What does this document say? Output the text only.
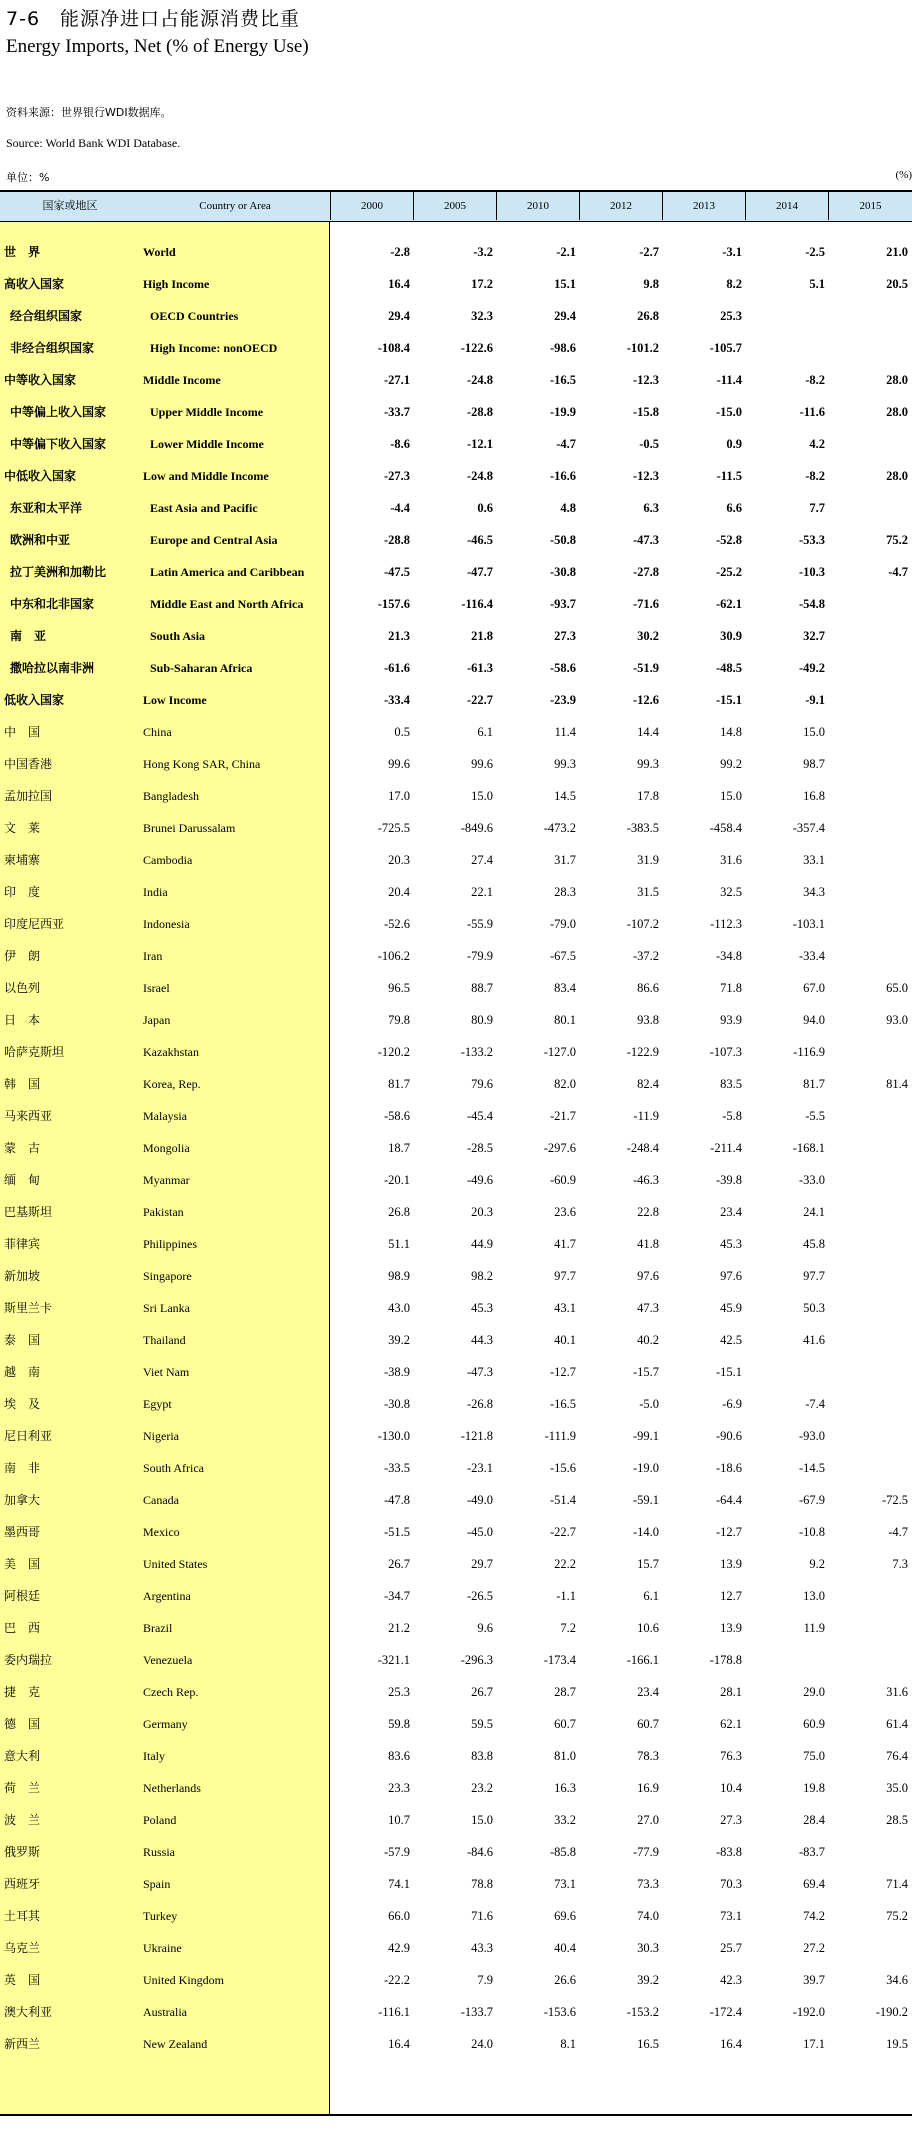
7-6　能源净进口占能源消费比重
Energy Imports, Net (% of Energy Use)
资料来源：世界银行WDI数据库。
Source: World Bank WDI Database.
单位：%	(%)
国家或地区	Country or Area	2000	2005	2010	2012	2013	2014	2015
世　界	World	-2.8	-3.2	-2.1	-2.7	-3.1	-2.5	21.0
高收入国家	High Income	16.4	17.2	15.1	9.8	8.2	5.1	20.5
经合组织国家	OECD Countries	29.4	32.3	29.4	26.8	25.3
非经合组织国家	High Income: nonOECD	-108.4	-122.6	-98.6	-101.2	-105.7
中等收入国家	Middle Income	-27.1	-24.8	-16.5	-12.3	-11.4	-8.2	28.0
中等偏上收入国家	Upper Middle Income	-33.7	-28.8	-19.9	-15.8	-15.0	-11.6	28.0
中等偏下收入国家	Lower Middle Income	-8.6	-12.1	-4.7	-0.5	0.9	4.2
中低收入国家	Low and Middle Income	-27.3	-24.8	-16.6	-12.3	-11.5	-8.2	28.0
东亚和太平洋	East Asia and Pacific	-4.4	0.6	4.8	6.3	6.6	7.7
欧洲和中亚	Europe and Central Asia	-28.8	-46.5	-50.8	-47.3	-52.8	-53.3	75.2
拉丁美洲和加勒比	Latin America and Caribbean	-47.5	-47.7	-30.8	-27.8	-25.2	-10.3	-4.7
中东和北非国家	Middle East and North Africa	-157.6	-116.4	-93.7	-71.6	-62.1	-54.8
南　亚	South Asia	21.3	21.8	27.3	30.2	30.9	32.7
撒哈拉以南非洲	Sub-Saharan Africa	-61.6	-61.3	-58.6	-51.9	-48.5	-49.2
低收入国家	Low Income	-33.4	-22.7	-23.9	-12.6	-15.1	-9.1
中　国	China	0.5	6.1	11.4	14.4	14.8	15.0
中国香港	Hong Kong SAR, China	99.6	99.6	99.3	99.3	99.2	98.7
孟加拉国	Bangladesh	17.0	15.0	14.5	17.8	15.0	16.8
文　莱	Brunei Darussalam	-725.5	-849.6	-473.2	-383.5	-458.4	-357.4
柬埔寨	Cambodia	20.3	27.4	31.7	31.9	31.6	33.1
印　度	India	20.4	22.1	28.3	31.5	32.5	34.3
印度尼西亚	Indonesia	-52.6	-55.9	-79.0	-107.2	-112.3	-103.1
伊　朗	Iran	-106.2	-79.9	-67.5	-37.2	-34.8	-33.4
以色列	Israel	96.5	88.7	83.4	86.6	71.8	67.0	65.0
日　本	Japan	79.8	80.9	80.1	93.8	93.9	94.0	93.0
哈萨克斯坦	Kazakhstan	-120.2	-133.2	-127.0	-122.9	-107.3	-116.9
韩　国	Korea, Rep.	81.7	79.6	82.0	82.4	83.5	81.7	81.4
马来西亚	Malaysia	-58.6	-45.4	-21.7	-11.9	-5.8	-5.5
蒙　古	Mongolia	18.7	-28.5	-297.6	-248.4	-211.4	-168.1
缅　甸	Myanmar	-20.1	-49.6	-60.9	-46.3	-39.8	-33.0
巴基斯坦	Pakistan	26.8	20.3	23.6	22.8	23.4	24.1
菲律宾	Philippines	51.1	44.9	41.7	41.8	45.3	45.8
新加坡	Singapore	98.9	98.2	97.7	97.6	97.6	97.7
斯里兰卡	Sri Lanka	43.0	45.3	43.1	47.3	45.9	50.3
泰　国	Thailand	39.2	44.3	40.1	40.2	42.5	41.6
越　南	Viet Nam	-38.9	-47.3	-12.7	-15.7	-15.1
埃　及	Egypt	-30.8	-26.8	-16.5	-5.0	-6.9	-7.4
尼日利亚	Nigeria	-130.0	-121.8	-111.9	-99.1	-90.6	-93.0
南　非	South Africa	-33.5	-23.1	-15.6	-19.0	-18.6	-14.5
加拿大	Canada	-47.8	-49.0	-51.4	-59.1	-64.4	-67.9	-72.5
墨西哥	Mexico	-51.5	-45.0	-22.7	-14.0	-12.7	-10.8	-4.7
美　国	United States	26.7	29.7	22.2	15.7	13.9	9.2	7.3
阿根廷	Argentina	-34.7	-26.5	-1.1	6.1	12.7	13.0
巴　西	Brazil	21.2	9.6	7.2	10.6	13.9	11.9
委内瑞拉	Venezuela	-321.1	-296.3	-173.4	-166.1	-178.8
捷　克	Czech Rep.	25.3	26.7	28.7	23.4	28.1	29.0	31.6
德　国	Germany	59.8	59.5	60.7	60.7	62.1	60.9	61.4
意大利	Italy	83.6	83.8	81.0	78.3	76.3	75.0	76.4
荷　兰	Netherlands	23.3	23.2	16.3	16.9	10.4	19.8	35.0
波　兰	Poland	10.7	15.0	33.2	27.0	27.3	28.4	28.5
俄罗斯	Russia	-57.9	-84.6	-85.8	-77.9	-83.8	-83.7
西班牙	Spain	74.1	78.8	73.1	73.3	70.3	69.4	71.4
土耳其	Turkey	66.0	71.6	69.6	74.0	73.1	74.2	75.2
乌克兰	Ukraine	42.9	43.3	40.4	30.3	25.7	27.2
英　国	United Kingdom	-22.2	7.9	26.6	39.2	42.3	39.7	34.6
澳大利亚	Australia	-116.1	-133.7	-153.6	-153.2	-172.4	-192.0	-190.2
新西兰	New Zealand	16.4	24.0	8.1	16.5	16.4	17.1	19.5
